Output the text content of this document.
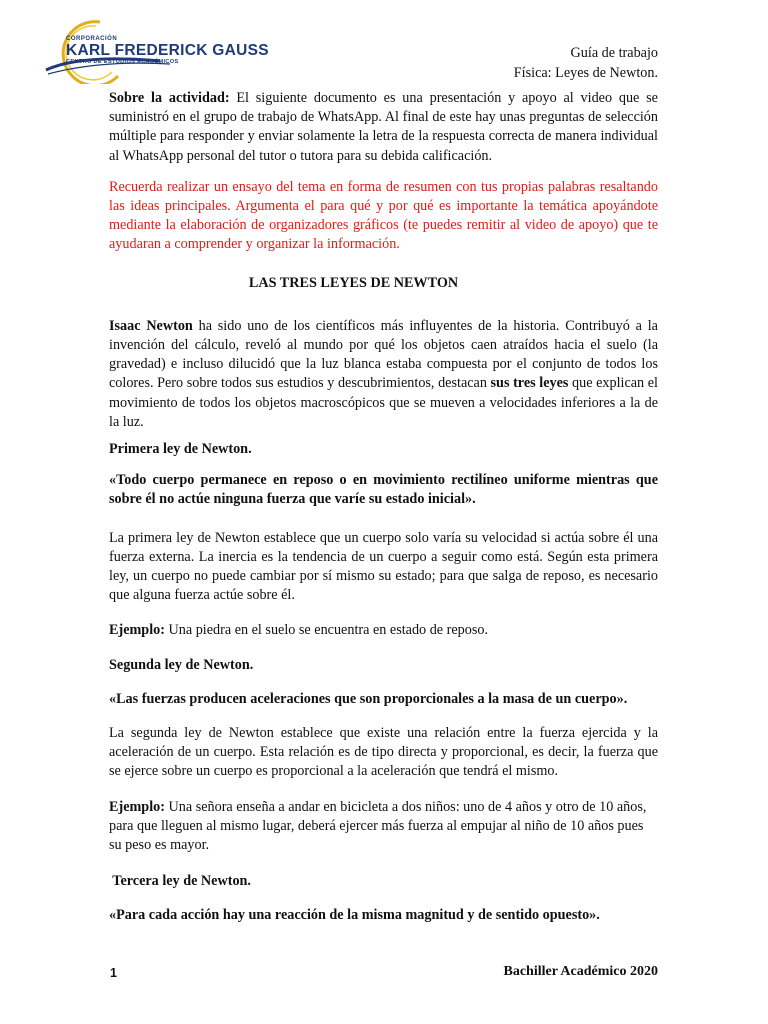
CORPORACIÓN
KARL FREDERICK GAUSS
CENTRO DE ESTUDIOS ACADÉMICOS
Guía de trabajo
Física: Leyes de Newton.

Sobre la actividad: El siguiente documento es una presentación y apoyo al video que se suministró en el grupo de trabajo de WhatsApp. Al final de este hay unas preguntas de selección múltiple para responder y enviar solamente la letra de la respuesta correcta de manera individual al WhatsApp personal del tutor o tutora para su debida calificación.

Recuerda realizar un ensayo del tema en forma de resumen con tus propias palabras resaltando las ideas principales. Argumenta el para qué y por qué es importante la temática apoyándote mediante la elaboración de organizadores gráficos (te puedes remitir al video de apoyo) que te ayudaran a comprender y organizar la información.

LAS TRES LEYES DE NEWTON

Isaac Newton ha sido uno de los científicos más influyentes de la historia. Contribuyó a la invención del cálculo, reveló al mundo por qué los objetos caen atraídos hacia el suelo (la gravedad) e incluso dilucidó que la luz blanca estaba compuesta por el conjunto de todos los colores. Pero sobre todos sus estudios y descubrimientos, destacan sus tres leyes que explican el movimiento de todos los objetos macroscópicos que se mueven a velocidades inferiores a la de la luz.

Primera ley de Newton.

«Todo cuerpo permanece en reposo o en movimiento rectilíneo uniforme mientras que sobre él no actúe ninguna fuerza que varíe su estado inicial».

La primera ley de Newton establece que un cuerpo solo varía su velocidad si actúa sobre él una fuerza externa. La inercia es la tendencia de un cuerpo a seguir como está. Según esta primera ley, un cuerpo no puede cambiar por sí mismo su estado; para que salga de reposo, es necesario que alguna fuerza actúe sobre él.

Ejemplo: Una piedra en el suelo se encuentra en estado de reposo.

Segunda ley de Newton.

«Las fuerzas producen aceleraciones que son proporcionales a la masa de un cuerpo».

La segunda ley de Newton establece que existe una relación entre la fuerza ejercida y la aceleración de un cuerpo. Esta relación es de tipo directa y proporcional, es decir, la fuerza que se ejerce sobre un cuerpo es proporcional a la aceleración que tendrá el mismo.

Ejemplo: Una señora enseña a andar en bicicleta a dos niños: uno de 4 años y otro de 10 años, para que lleguen al mismo lugar, deberá ejercer más fuerza al empujar al niño de 10 años pues su peso es mayor.

Tercera ley de Newton.

«Para cada acción hay una reacción de la misma magnitud y de sentido opuesto».

1	Bachiller Académico 2020
